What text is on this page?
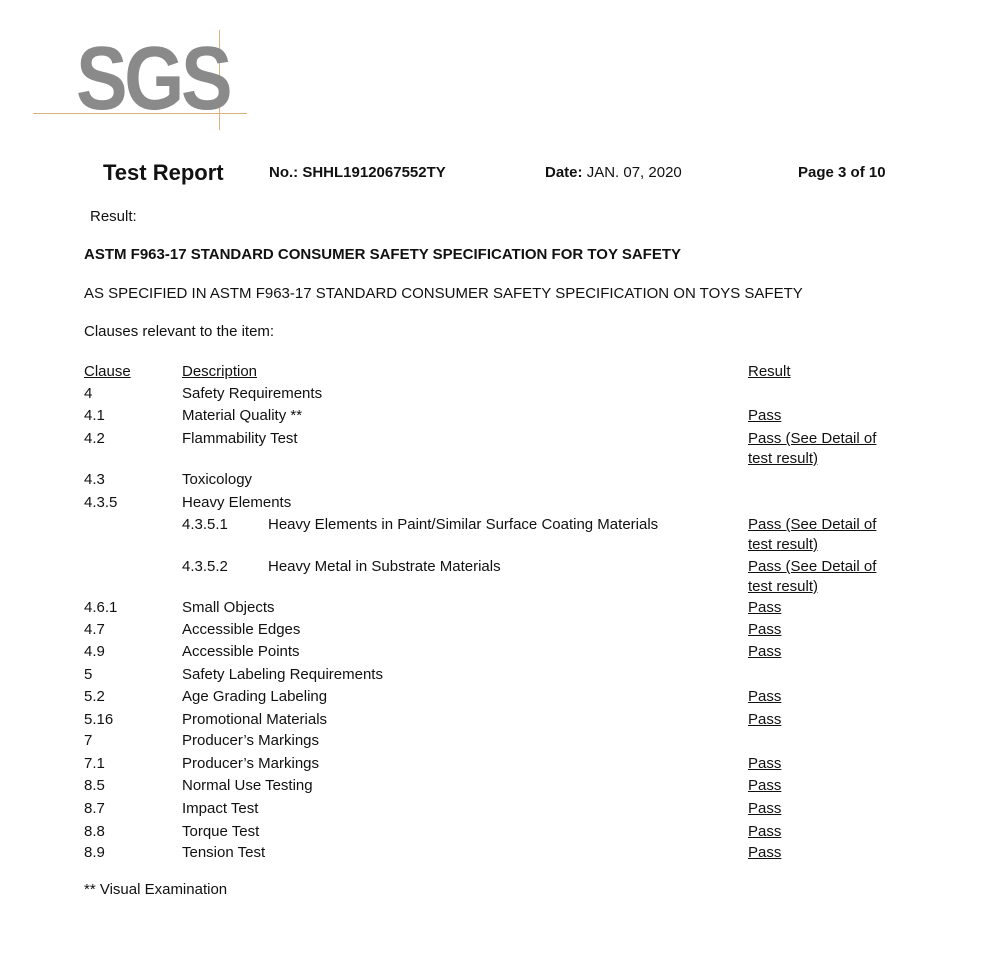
SGS
Test Report	No.: SHHL1912067552TY	Date: JAN. 07, 2020	Page 3 of 10
Result:
ASTM F963-17 STANDARD CONSUMER SAFETY SPECIFICATION FOR TOY SAFETY
AS SPECIFIED IN ASTM F963-17 STANDARD CONSUMER SAFETY SPECIFICATION ON TOYS SAFETY
Clauses relevant to the item:
Clause	Description	Result
4	Safety Requirements
4.1	Material Quality **	Pass
4.2	Flammability Test	Pass (See Detail of
test result)
4.3	Toxicology
4.3.5	Heavy Elements
4.3.5.1	Heavy Elements in Paint/Similar Surface Coating Materials	Pass (See Detail of
test result)
4.3.5.2	Heavy Metal in Substrate Materials	Pass (See Detail of
test result)
4.6.1	Small Objects	Pass
4.7	Accessible Edges	Pass
4.9	Accessible Points	Pass
5	Safety Labeling Requirements
5.2	Age Grading Labeling	Pass
5.16	Promotional Materials	Pass
7	Producer’s Markings
7.1	Producer’s Markings	Pass
8.5	Normal Use Testing	Pass
8.7	Impact Test	Pass
8.8	Torque Test	Pass
8.9	Tension Test	Pass
** Visual Examination
